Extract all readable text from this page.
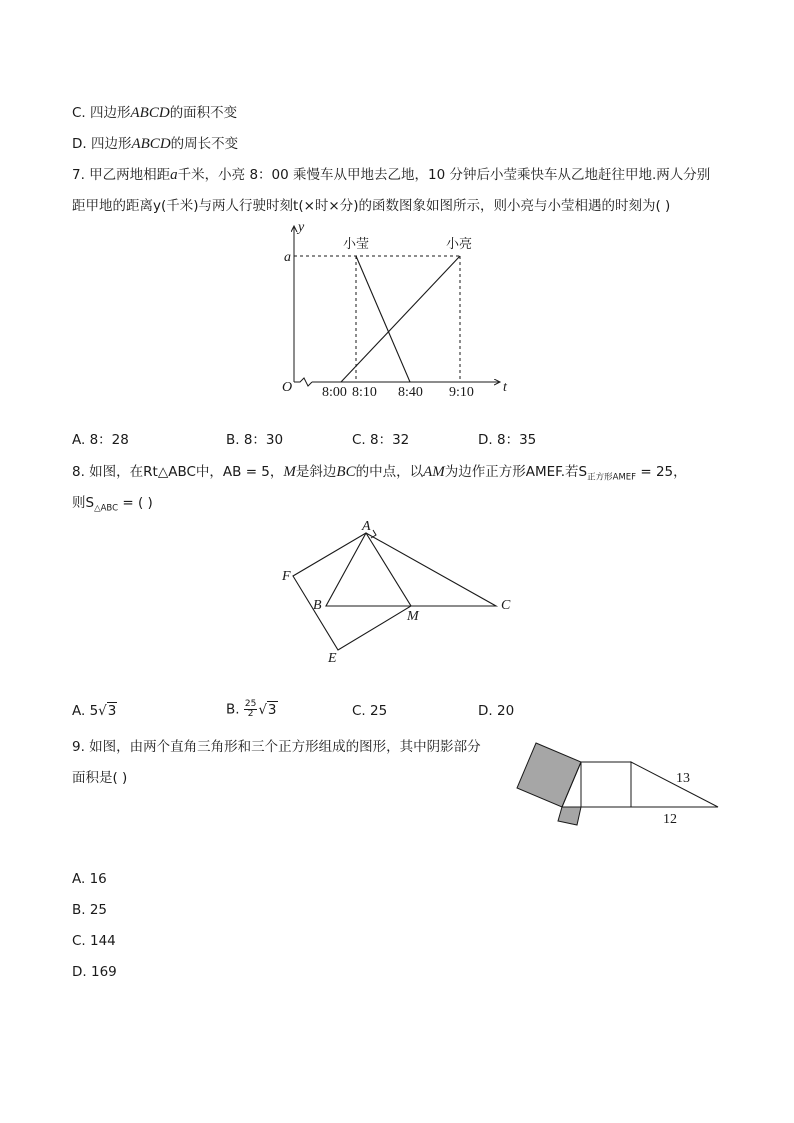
C. 四边形ABCD的面积不变
D. 四边形ABCD的周长不变
7. 甲乙两地相距a千米，小亮 8：00 乘慢车从甲地去乙地，10 分钟后小莹乘快车从乙地赶往甲地.两人分别
距甲地的距离y(千米)与两人行驶时刻t(×时×分)的函数图象如图所示，则小亮与小莹相遇的时刻为( )
y
t
O
a
小莹	小亮
8:00 8:10 8:40 9:10
A. 8：28	B. 8：30	C. 8：32	D. 8：35
8. 如图，在Rt△ABC中，AB = 5，M是斜边BC的中点，以AM为边作正方形AMEF.若$S_{正方形AMEF} = 25$，
则$S_{\triangle ABC}$ = ( )
A
B	C
M
E
F
A. 5√3	B. $\frac{25}{2} √3$	C. 25	D. 20
9. 如图，由两个直角三角形和三个正方形组成的图形，其中阴影部分
面积是( )	13
12
A. 16
B. 25
C. 144
D. 169
